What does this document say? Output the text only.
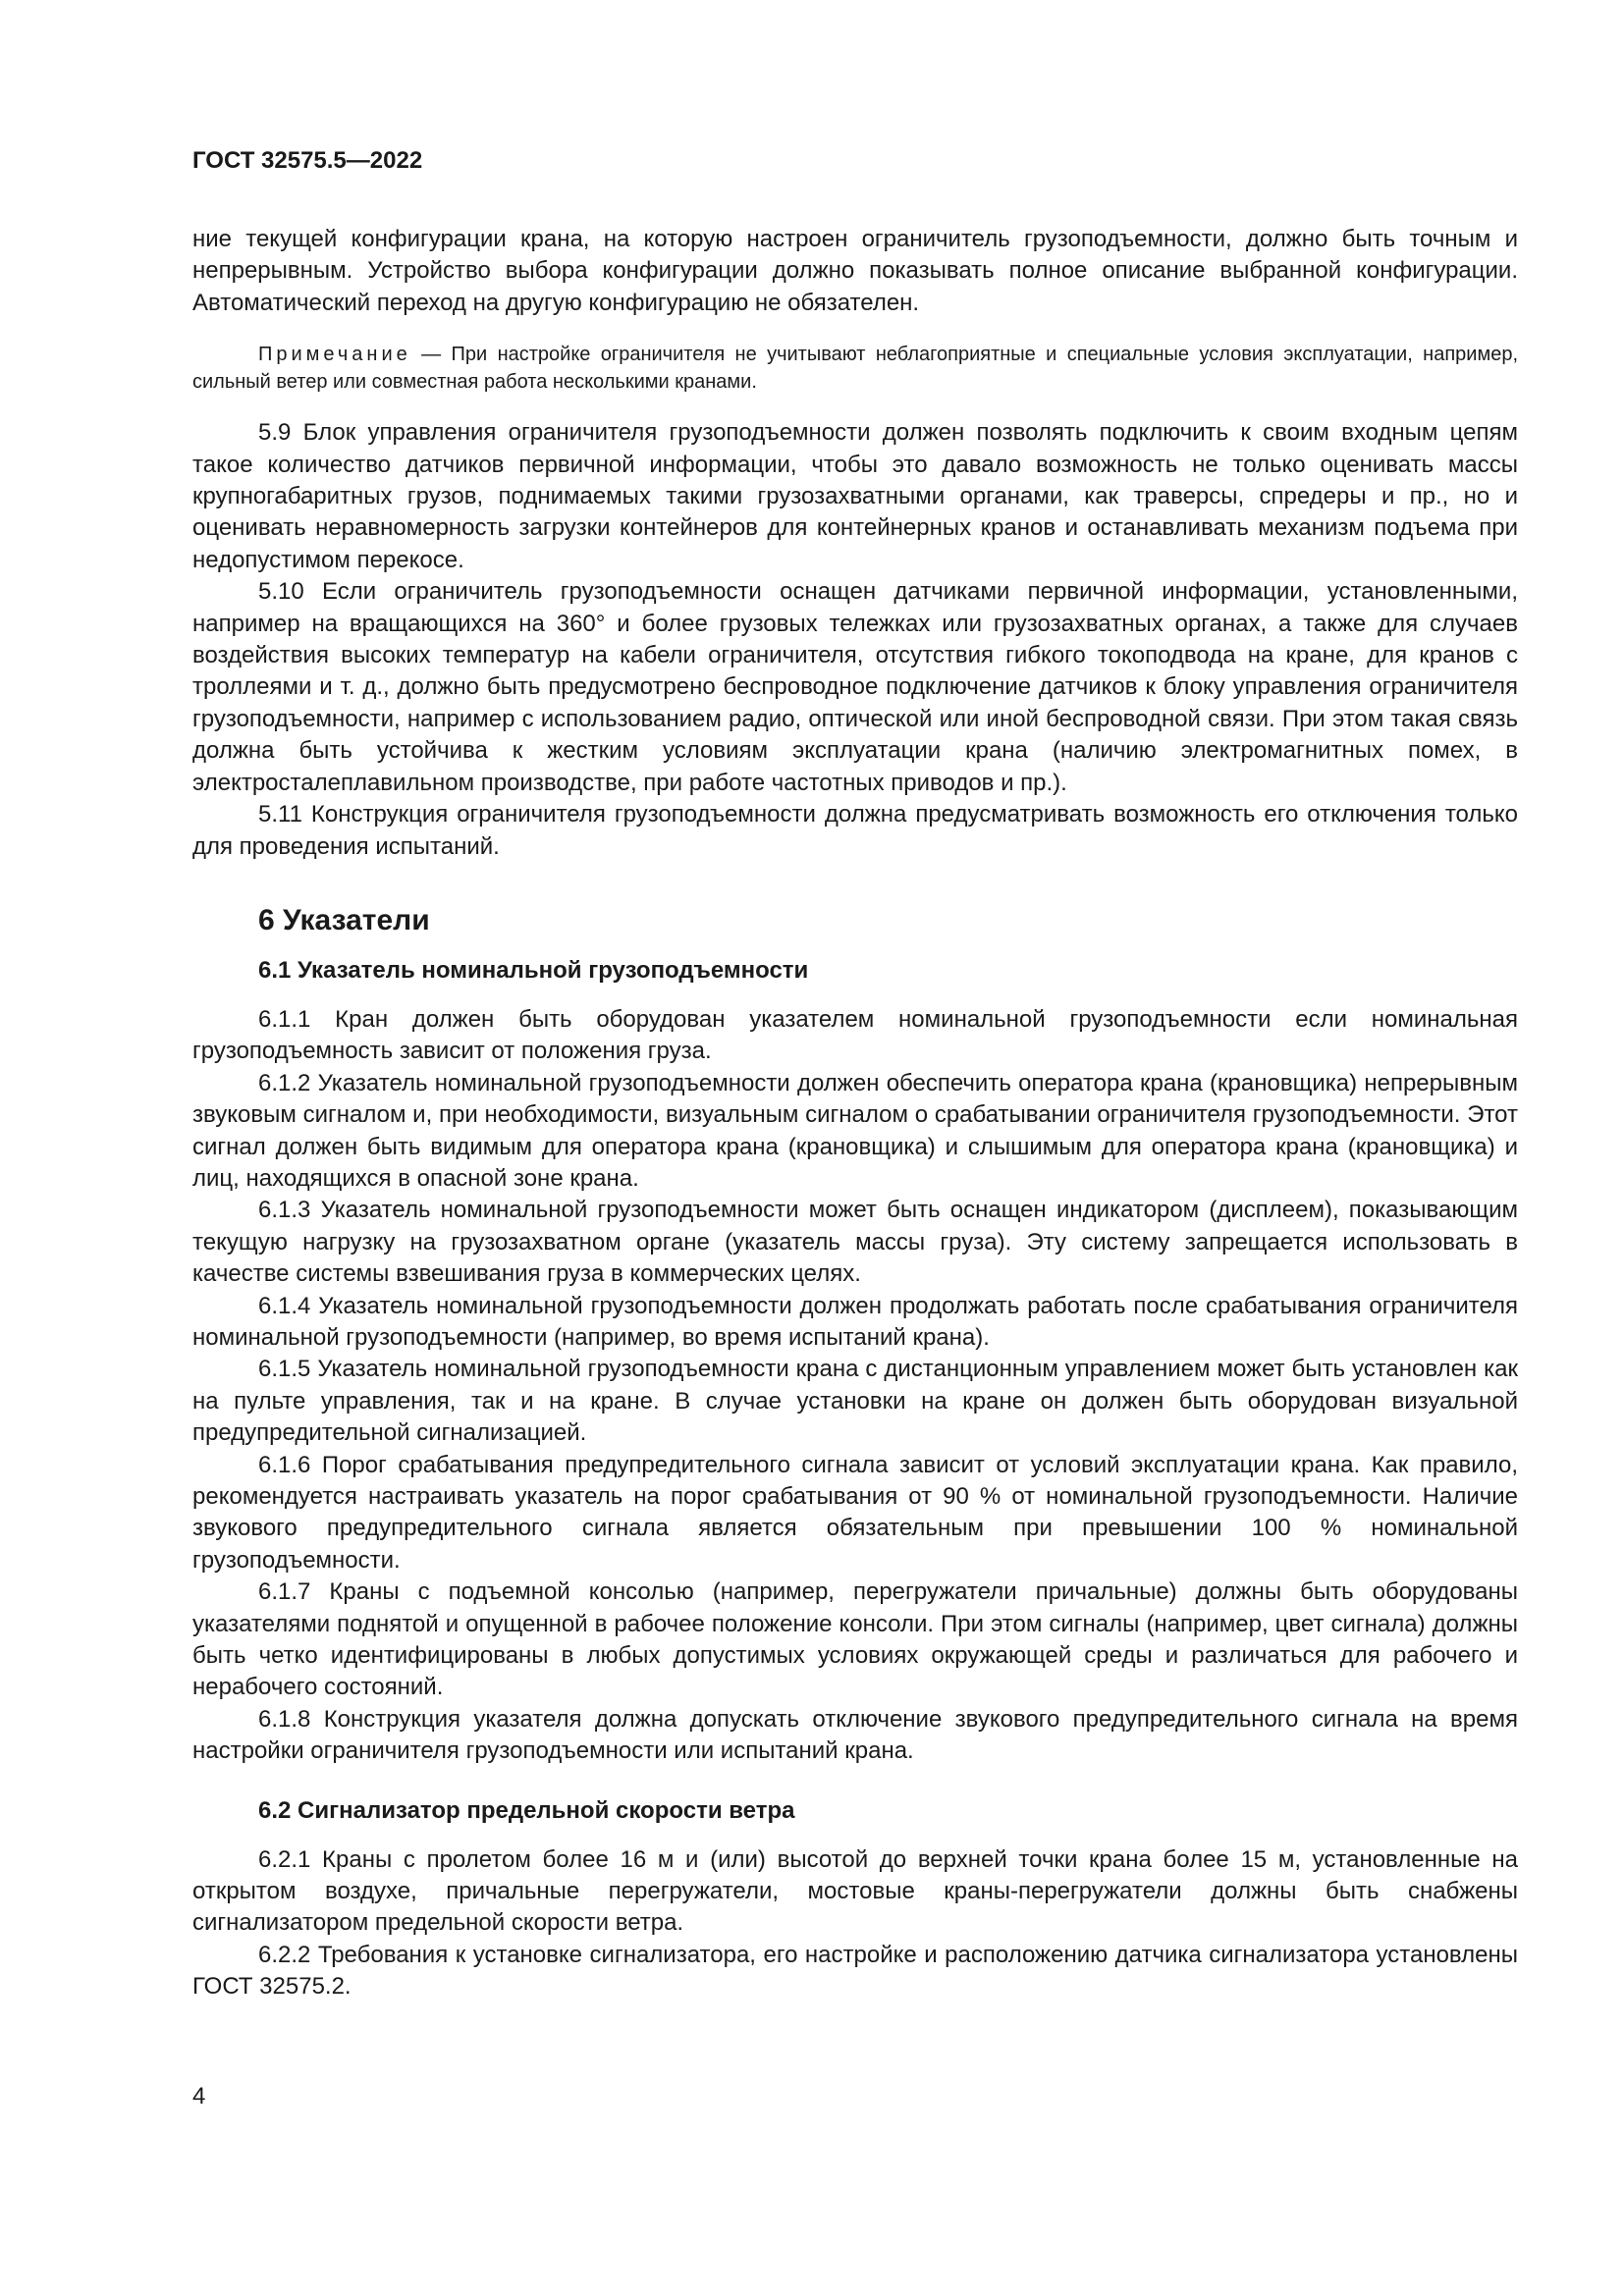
ГОСТ 32575.5—2022

ние текущей конфигурации крана, на которую настроен ограничитель грузоподъемности, должно быть точным и непрерывным. Устройство выбора конфигурации должно показывать полное описание выбранной конфигурации. Автоматический переход на другую конфигурацию не обязателен.

Примечание — При настройке ограничителя не учитывают неблагоприятные и специальные условия эксплуатации, например, сильный ветер или совместная работа несколькими кранами.

5.9 Блок управления ограничителя грузоподъемности должен позволять подключить к своим входным цепям такое количество датчиков первичной информации, чтобы это давало возможность не только оценивать массы крупногабаритных грузов, поднимаемых такими грузозахватными органами, как траверсы, спредеры и пр., но и оценивать неравномерность загрузки контейнеров для контейнерных кранов и останавливать механизм подъема при недопустимом перекосе.

5.10 Если ограничитель грузоподъемности оснащен датчиками первичной информации, установленными, например на вращающихся на 360° и более грузовых тележках или грузозахватных органах, а также для случаев воздействия высоких температур на кабели ограничителя, отсутствия гибкого токоподвода на кране, для кранов с троллеями и т. д., должно быть предусмотрено беспроводное подключение датчиков к блоку управления ограничителя грузоподъемности, например с использованием радио, оптической или иной беспроводной связи. При этом такая связь должна быть устойчива к жестким условиям эксплуатации крана (наличию электромагнитных помех, в электросталеплавильном производстве, при работе частотных приводов и пр.).

5.11 Конструкция ограничителя грузоподъемности должна предусматривать возможность его отключения только для проведения испытаний.

6 Указатели
6.1 Указатель номинальной грузоподъемности

6.1.1 Кран должен быть оборудован указателем номинальной грузоподъемности если номинальная грузоподъемность зависит от положения груза.

6.1.2 Указатель номинальной грузоподъемности должен обеспечить оператора крана (крановщика) непрерывным звуковым сигналом и, при необходимости, визуальным сигналом о срабатывании ограничителя грузоподъемности. Этот сигнал должен быть видимым для оператора крана (крановщика) и слышимым для оператора крана (крановщика) и лиц, находящихся в опасной зоне крана.

6.1.3 Указатель номинальной грузоподъемности может быть оснащен индикатором (дисплеем), показывающим текущую нагрузку на грузозахватном органе (указатель массы груза). Эту систему запрещается использовать в качестве системы взвешивания груза в коммерческих целях.

6.1.4 Указатель номинальной грузоподъемности должен продолжать работать после срабатывания ограничителя номинальной грузоподъемности (например, во время испытаний крана).

6.1.5 Указатель номинальной грузоподъемности крана с дистанционным управлением может быть установлен как на пульте управления, так и на кране. В случае установки на кране он должен быть оборудован визуальной предупредительной сигнализацией.

6.1.6 Порог срабатывания предупредительного сигнала зависит от условий эксплуатации крана. Как правило, рекомендуется настраивать указатель на порог срабатывания от 90 % от номинальной грузоподъемности. Наличие звукового предупредительного сигнала является обязательным при превышении 100 % номинальной грузоподъемности.

6.1.7 Краны с подъемной консолью (например, перегружатели причальные) должны быть оборудованы указателями поднятой и опущенной в рабочее положение консоли. При этом сигналы (например, цвет сигнала) должны быть четко идентифицированы в любых допустимых условиях окружающей среды и различаться для рабочего и нерабочего состояний.

6.1.8 Конструкция указателя должна допускать отключение звукового предупредительного сигнала на время настройки ограничителя грузоподъемности или испытаний крана.

6.2 Сигнализатор предельной скорости ветра

6.2.1 Краны с пролетом более 16 м и (или) высотой до верхней точки крана более 15 м, установленные на открытом воздухе, причальные перегружатели, мостовые краны-перегружатели должны быть снабжены сигнализатором предельной скорости ветра.

6.2.2 Требования к установке сигнализатора, его настройке и расположению датчика сигнализатора установлены ГОСТ 32575.2.

4
